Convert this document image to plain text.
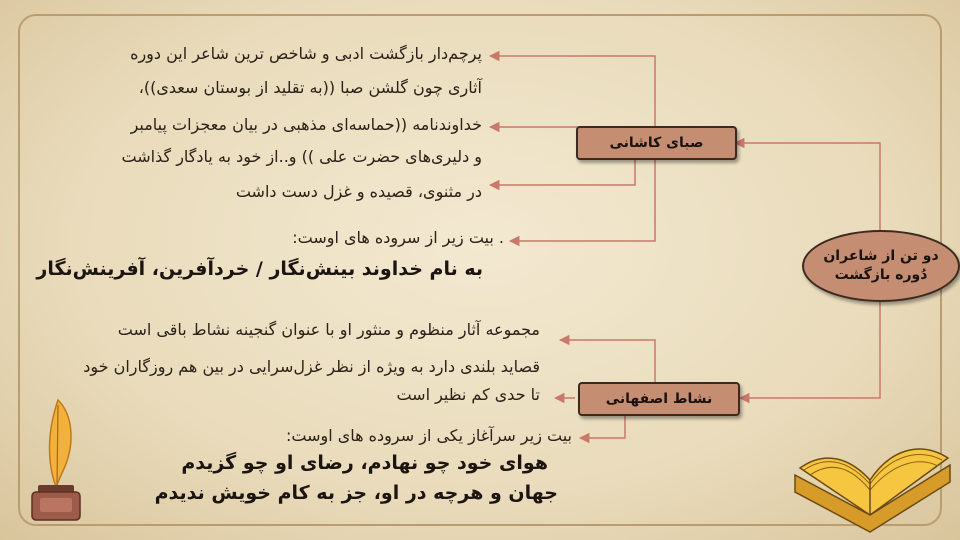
دو تن از شاعران
دُوره بازگشت
صبای کاشانی
نشاط اصفهانی
پرچم‌دار بازگشت ادبی و شاخص ترین شاعر این دوره
آثاری چون گلشن صبا ((به تقلید از بوستان سعدی))،
خداوندنامه ((حماسه‌ای مذهبی در بیان معجزات پیامبر
و دلیری‌های حضرت علی )) و..از خود به یادگار گذاشت
در مثنوی، قصیده و غزل دست داشت
. بیت زیر از سروده های اوست:
به نام خداوند بینش‌نگار / خردآفرین، آفرینش‌نگار
مجموعه آثار منظوم و منثور او با عنوان گنجینه نشاط باقی است
قصاید بلندی دارد به ویژه از نظر غزل‌سرایی در بین هم روزگاران خود
تا حدی کم نظیر است
بیت زیر سرآغاز یکی از سروده های اوست:
هوای خود چو نهادم، رضای او چو گزیدم
جهان و هرچه در او، جز به کام خویش ندیدم
